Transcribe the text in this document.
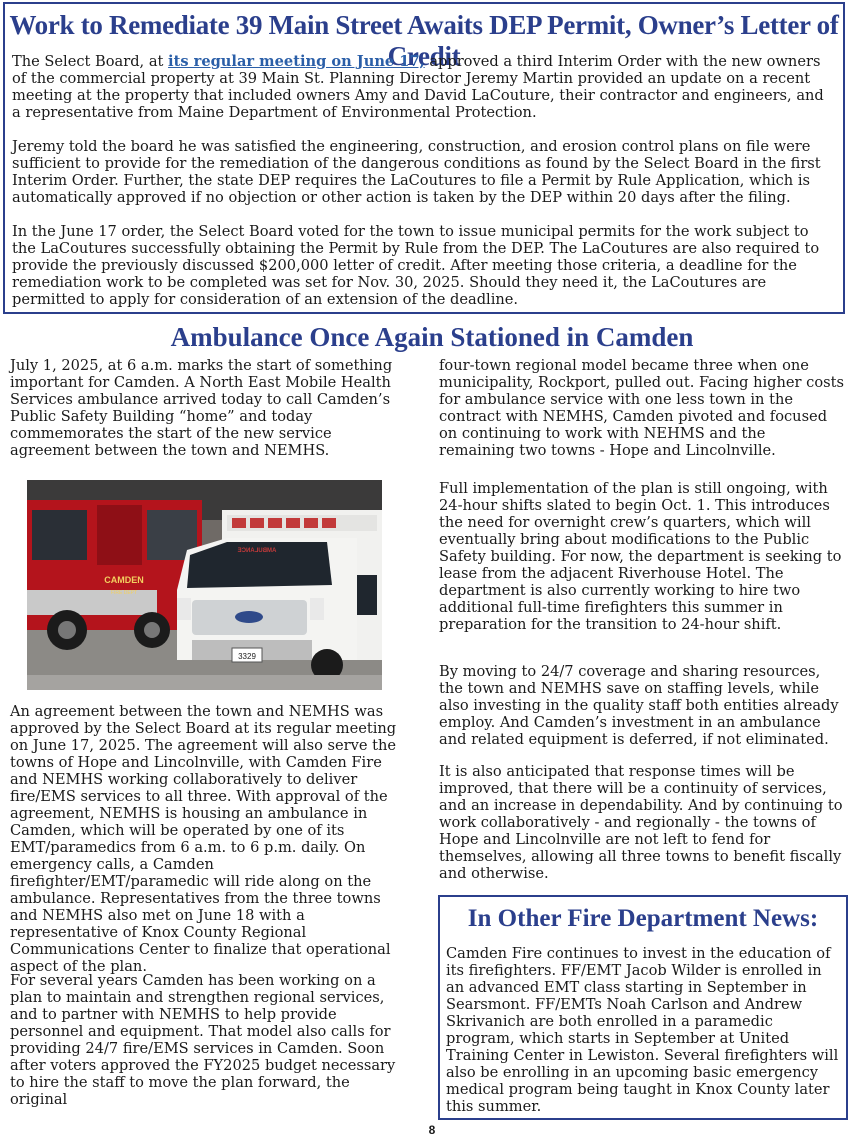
Work to Remediate 39 Main Street Awaits DEP Permit, Owner’s Letter of Credit

The Select Board, at its regular meeting on June 17, approved a third Interim Order with the new owners of the commercial property at 39 Main St. Planning Director Jeremy Martin provided an update on a recent meeting at the property that included owners Amy and David LaCouture, their contractor and engineers, and a representative from Maine Department of Environmental Protection.

Jeremy told the board he was satisfied the engineering, construction, and erosion control plans on file were sufficient to provide for the remediation of the dangerous conditions as found by the Select Board in the first Interim Order. Further, the state DEP requires the LaCoutures to file a Permit by Rule Application, which is automatically approved if no objection or other action is taken by the DEP within 20 days after the filing.

In the June 17 order, the Select Board voted for the town to issue municipal permits for the work subject to the LaCoutures successfully obtaining the Permit by Rule from the DEP. The LaCoutures are also required to provide the previously discussed $200,000 letter of credit. After meeting those criteria, a deadline for the remediation work to be completed was set for Nov. 30, 2025. Should they need it, the LaCoutures are permitted to apply for consideration of an extension of the deadline.

Ambulance Once Again Stationed in Camden

July 1, 2025, at 6 a.m. marks the start of something important for Camden. A North East Mobile Health Services ambulance arrived today to call Camden’s Public Safety Building “home” and today commemorates the start of the new service agreement between the town and NEMHS.

CAMDEN
FIRE DEPT
AMBULANCE
3329

An agreement between the town and NEMHS was approved by the Select Board at its regular meeting on June 17, 2025. The agreement will also serve the towns of Hope and Lincolnville, with Camden Fire and NEMHS working collaboratively to deliver fire/EMS services to all three. With approval of the agreement, NEMHS is housing an ambulance in Camden, which will be operated by one of its EMT/paramedics from 6 a.m. to 6 p.m. daily. On emergency calls, a Camden firefighter/EMT/paramedic will ride along on the ambulance. Representatives from the three towns and NEMHS also met on June 18 with a representative of Knox County Regional Communications Center to finalize that operational aspect of the plan.

For several years Camden has been working on a plan to maintain and strengthen regional services, and to partner with NEMHS to help provide personnel and equipment. That model also calls for providing 24/7 fire/EMS services in Camden. Soon after voters approved the FY2025 budget necessary to hire the staff to move the plan forward, the original

four-town regional model became three when one municipality, Rockport, pulled out. Facing higher costs for ambulance service with one less town in the contract with NEMHS, Camden pivoted and focused on continuing to work with NEHMS and the remaining two towns - Hope and Lincolnville.

Full implementation of the plan is still ongoing, with 24-hour shifts slated to begin Oct. 1. This introduces the need for overnight crew’s quarters, which will eventually bring about modifications to the Public Safety building. For now, the department is seeking to lease from the adjacent Riverhouse Hotel. The department is also currently working to hire two additional full-time firefighters this summer in preparation for the transition to 24-hour shift.

By moving to 24/7 coverage and sharing resources, the town and NEMHS save on staffing levels, while also investing in the quality staff both entities already employ. And Camden’s investment in an ambulance and related equipment is deferred, if not eliminated.

It is also anticipated that response times will be improved, that there will be a continuity of services, and an increase in dependability. And by continuing to work collaboratively - and regionally - the towns of Hope and Lincolnville are not left to fend for themselves, allowing all three towns to benefit fiscally and otherwise.

In Other Fire Department News:

Camden Fire continues to invest in the education of its firefighters. FF/EMT Jacob Wilder is enrolled in an advanced EMT class starting in September in Searsmont. FF/EMTs Noah Carlson and Andrew Skrivanich are both enrolled in a paramedic program, which starts in September at United Training Center in Lewiston. Several firefighters will also be enrolling in an upcoming basic emergency medical program being taught in Knox County later this summer.

8
